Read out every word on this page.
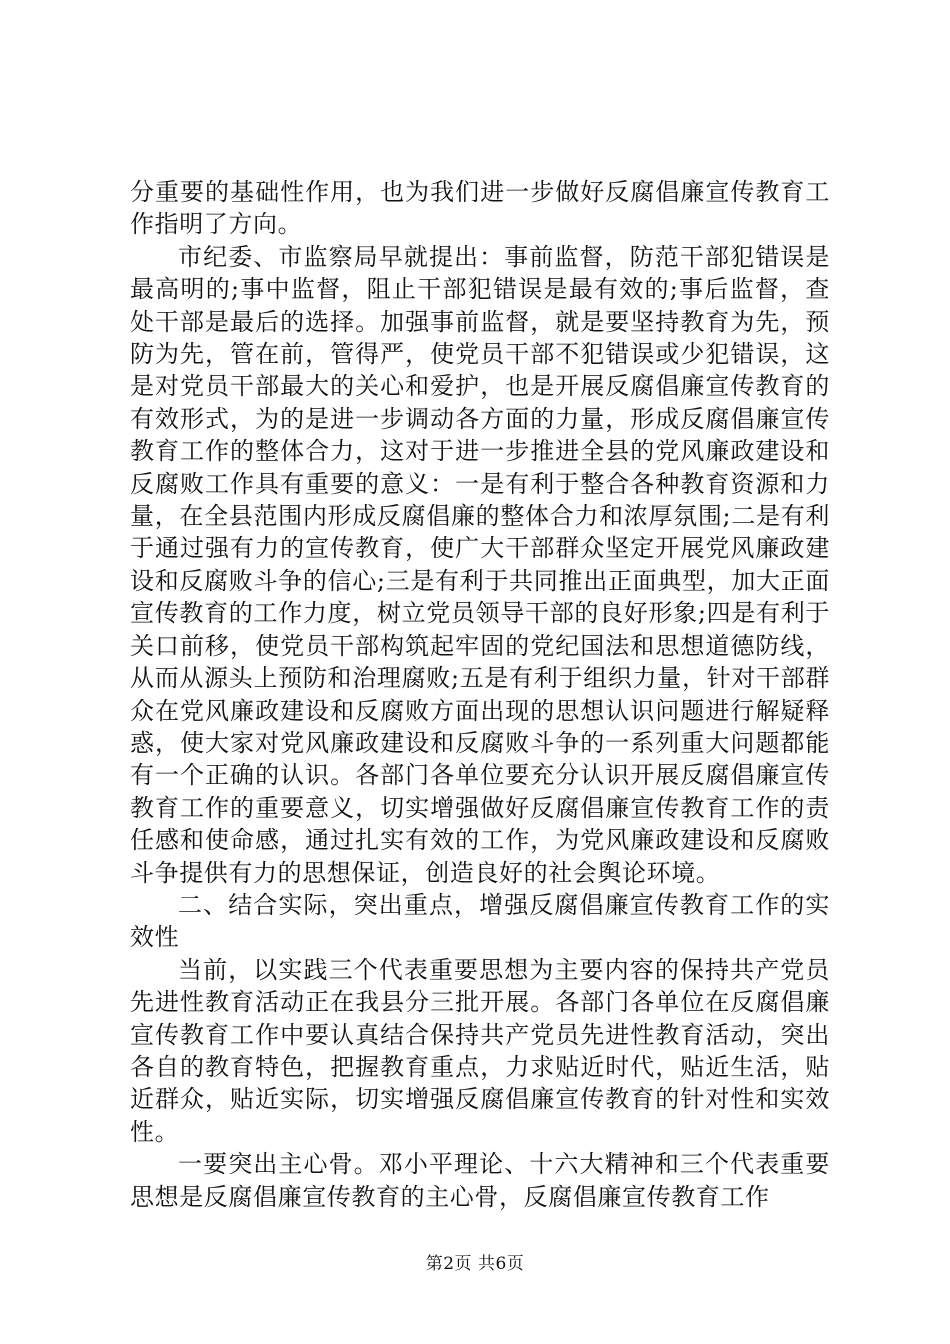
分重要的基础性作用，也为我们进一步做好反腐倡廉宣传教育工作指明了方向。

市纪委、市监察局早就提出：事前监督，防范干部犯错误是最高明的;事中监督，阻止干部犯错误是最有效的;事后监督，查处干部是最后的选择。加强事前监督，就是要坚持教育为先，预防为先，管在前，管得严，使党员干部不犯错误或少犯错误，这是对党员干部最大的关心和爱护，也是开展反腐倡廉宣传教育的有效形式，为的是进一步调动各方面的力量，形成反腐倡廉宣传教育工作的整体合力，这对于进一步推进全县的党风廉政建设和反腐败工作具有重要的意义：一是有利于整合各种教育资源和力量，在全县范围内形成反腐倡廉的整体合力和浓厚氛围;二是有利于通过强有力的宣传教育，使广大干部群众坚定开展党风廉政建设和反腐败斗争的信心;三是有利于共同推出正面典型，加大正面宣传教育的工作力度，树立党员领导干部的良好形象;四是有利于关口前移，使党员干部构筑起牢固的党纪国法和思想道德防线，从而从源头上预防和治理腐败;五是有利于组织力量，针对干部群众在党风廉政建设和反腐败方面出现的思想认识问题进行解疑释惑，使大家对党风廉政建设和反腐败斗争的一系列重大问题都能有一个正确的认识。各部门各单位要充分认识开展反腐倡廉宣传教育工作的重要意义，切实增强做好反腐倡廉宣传教育工作的责任感和使命感，通过扎实有效的工作，为党风廉政建设和反腐败斗争提供有力的思想保证，创造良好的社会舆论环境。

二、结合实际，突出重点，增强反腐倡廉宣传教育工作的实效性

当前，以实践三个代表重要思想为主要内容的保持共产党员先进性教育活动正在我县分三批开展。各部门各单位在反腐倡廉宣传教育工作中要认真结合保持共产党员先进性教育活动，突出各自的教育特色，把握教育重点，力求贴近时代，贴近生活，贴近群众，贴近实际，切实增强反腐倡廉宣传教育的针对性和实效性。

一要突出主心骨。邓小平理论、十六大精神和三个代表重要思想是反腐倡廉宣传教育的主心骨，反腐倡廉宣传教育工作

第2页 共6页
